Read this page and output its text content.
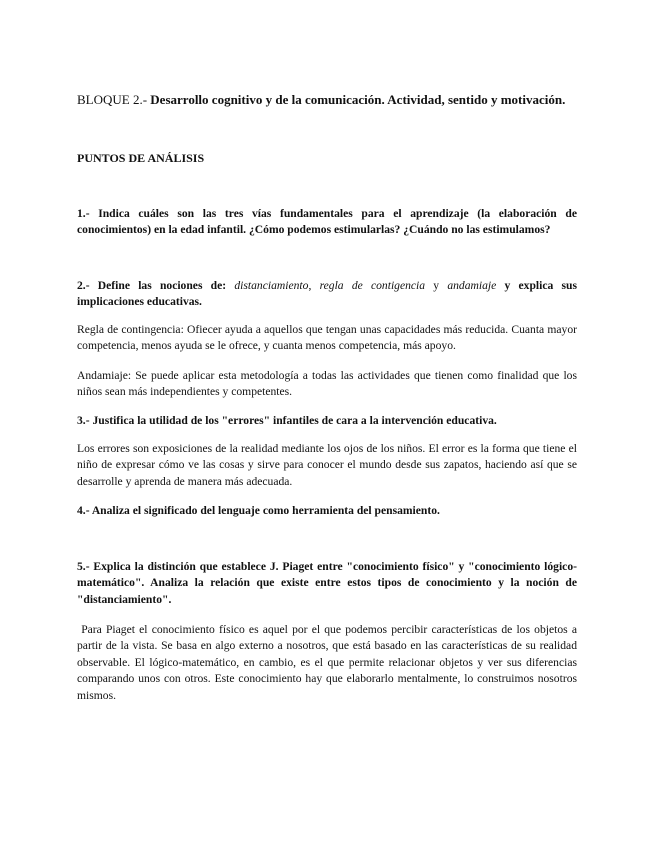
BLOQUE 2.- Desarrollo cognitivo y de la comunicación. Actividad, sentido y motivación.

PUNTOS DE ANÁLISIS

1.- Indica cuáles son las tres vías fundamentales para el aprendizaje (la elaboración de conocimientos) en la edad infantil. ¿Cómo podemos estimularlas? ¿Cuándo no las estimulamos?

2.- Define las nociones de: distanciamiento, regla de contigencia y andamiaje y explica sus implicaciones educativas.

Regla de contingencia: Ofiecer ayuda a aquellos que tengan unas capacidades más reducida. Cuanta mayor competencia, menos ayuda se le ofrece, y cuanta menos competencia, más apoyo.

Andamiaje: Se puede aplicar esta metodología a todas las actividades que tienen como finalidad que los niños sean más independientes y competentes.

3.- Justifica la utilidad de los "errores" infantiles de cara a la intervención educativa.

Los errores son exposiciones de la realidad mediante los ojos de los niños. El error es la forma que tiene el niño de expresar cómo ve las cosas y sirve para conocer el mundo desde sus zapatos, haciendo así que se desarrolle y aprenda de manera más adecuada.

4.- Analiza el significado del lenguaje como herramienta del pensamiento.

5.- Explica la distinción que establece J. Piaget entre "conocimiento físico" y "conocimiento lógico-matemático". Analiza la relación que existe entre estos tipos de conocimiento y la noción de "distanciamiento".

Para Piaget el conocimiento físico es aquel por el que podemos percibir características de los objetos a partir de la vista. Se basa en algo externo a nosotros, que está basado en las características de su realidad observable. El lógico-matemático, en cambio, es el que permite relacionar objetos y ver sus diferencias comparando unos con otros. Este conocimiento hay que elaborarlo mentalmente, lo construimos nosotros mismos.
